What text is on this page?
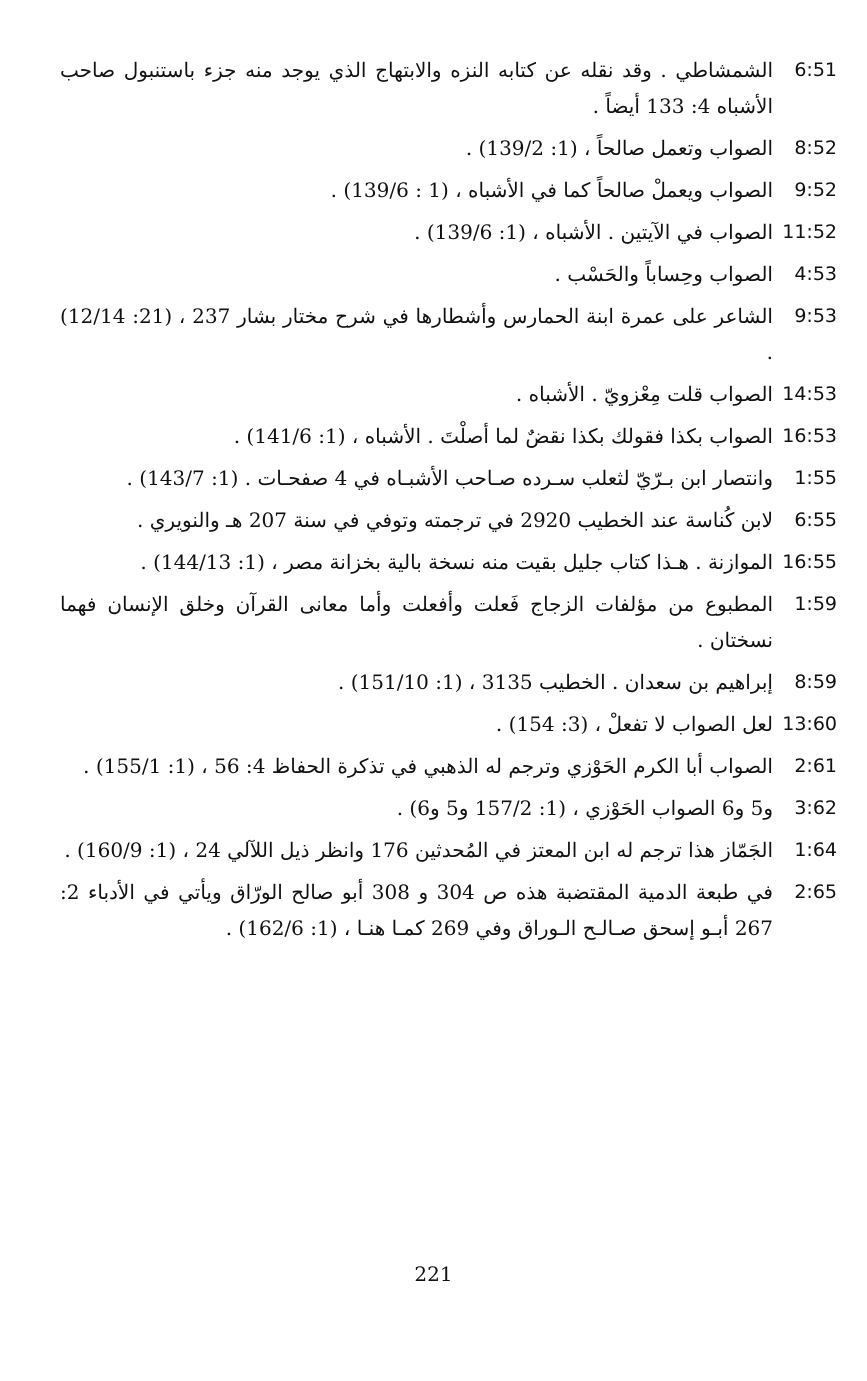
6:51
الشمشاطي . وقد نقله عن كتابه النزه والابتهاج الذي يوجد منه جزء باستنبول صاحب الأشباه 4: 133 أيضاً .
8:52
الصواب وتعمل صالحاً ، (1: 139/2) .
9:52
الصواب ويعملْ صالحاً كما في الأشباه ، (1 : 139/6) .
11:52
الصواب في الآيتين . الأشباه ، (1: 139/6) .
4:53
الصواب وحِساباً والحَسْب .
9:53
الشاعر على عمرة ابنة الحمارس وأشطارها في شرح مختار بشار 237 ، (21: 12/14) .
14:53
الصواب قلت مِعْزويّ . الأشباه .
16:53
الصواب بكذا فقولك بكذا نقضٌ لما أصلْتَ . الأشباه ، (1: 141/6) .
1:55
وانتصار ابن بـرّيّ لثعلب سـرده صـاحب الأشبـاه في 4 صفحـات . (1: 143/7) .
6:55
لابن كُناسة عند الخطيب 2920 في ترجمته وتوفي في سنة 207 هـ والنويري .
16:55
الموازنة . هـذا كتاب جليل بقيت منه نسخة بالية بخزانة مصر ، (1: 144/13) .
1:59
المطبوع من مؤلفات الزجاج فَعلت وأفعلت وأما معانى القرآن وخلق الإنسان فهما نسختان .
8:59
إبراهيم بن سعدان . الخطيب 3135 ، (1: 151/10) .
13:60
لعل الصواب لا تفعلْ ، (3: 154) .
2:61
الصواب أبا الكرم الحَوْزي وترجم له الذهبي في تذكرة الحفاظ 4: 56 ، (1: 155/1) .
3:62
و5 و6 الصواب الحَوْزي ، (1: 157/2 و5 و6) .
1:64
الجَمّاز هذا ترجم له ابن المعتز في المُحدثين 176 وانظر ذيل اللآلي 24 ، (1: 160/9) .
2:65
في طبعة الدمية المقتضبة هذه ص 304 و 308 أبو صالح الورّاق ويأتي في الأدباء 2: 267 أبـو إسحق صـالـح الـوراق وفي 269 كمـا هنـا ، (1: 162/6) .
221
